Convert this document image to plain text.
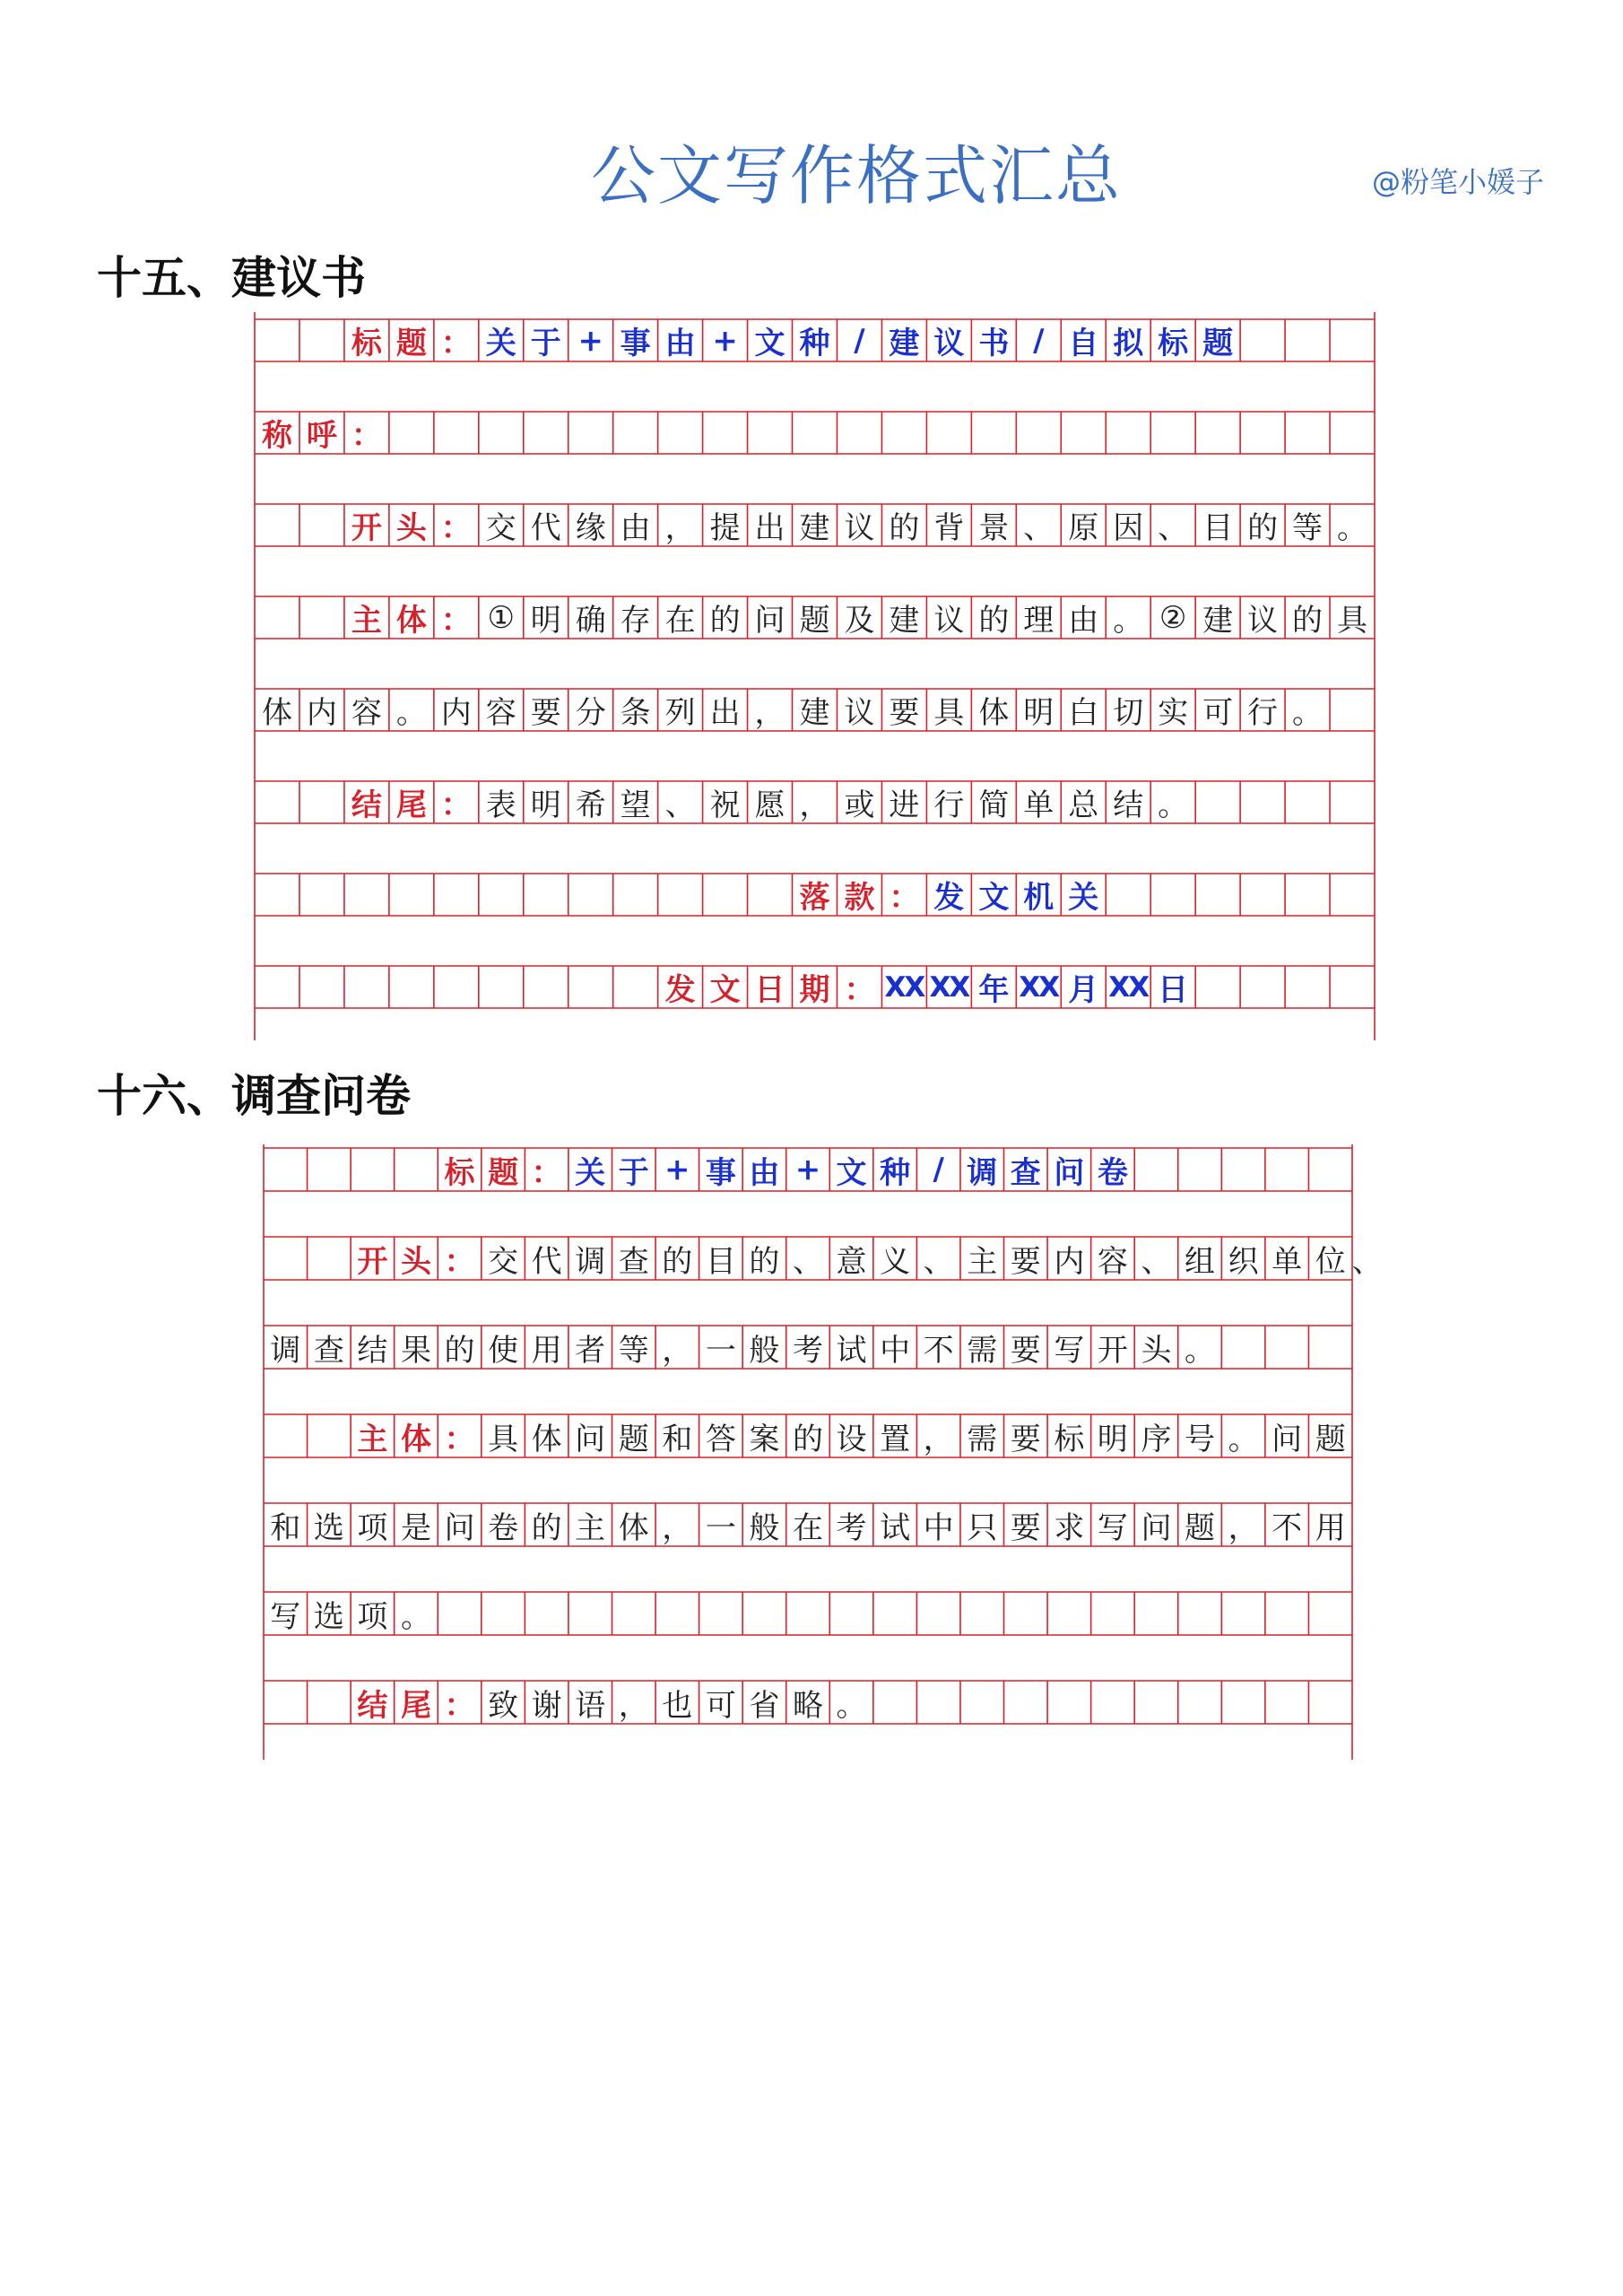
公文写作格式汇总	@粉笔小媛子
十五、建议书
标 题 ： 关 于 + 事 由 + 文 种 / 建 议 书 / 自 拟 标 题
称 呼 ：
开 头 ： 交 代 缘 由 ， 提 出 建 议 的 背 景 、 原 因 、 目 的 等 。
主 体 ： ① 明 确 存 在 的 问 题 及 建 议 的 理 由 。 ② 建 议 的 具
体 内 容 。 内 容 要 分 条 列 出 ， 建 议 要 具 体 明 白 切 实 可 行 。
结 尾 ： 表 明 希 望 、 祝 愿 ， 或 进 行 简 单 总 结 。
落 款 ： 发 文 机 关
发 文 日 期 ： XX XX 年 XX 月 XX 日
十六、调查问卷
标 题 ： 关 于 + 事 由 + 文 种 / 调 查 问 卷
开 头 ： 交 代 调 查 的 目 的 、 意 义 、 主 要 内 容 、 组 织 单 位 、
调 查 结 果 的 使 用 者 等 ， 一 般 考 试 中 不 需 要 写 开 头 。
主 体 ： 具 体 问 题 和 答 案 的 设 置 ， 需 要 标 明 序 号 。 问 题
和 选 项 是 问 卷 的 主 体 ， 一 般 在 考 试 中 只 要 求 写 问 题 ， 不 用
写 选 项 。
结 尾 ： 致 谢 语 ， 也 可 省 略 。
